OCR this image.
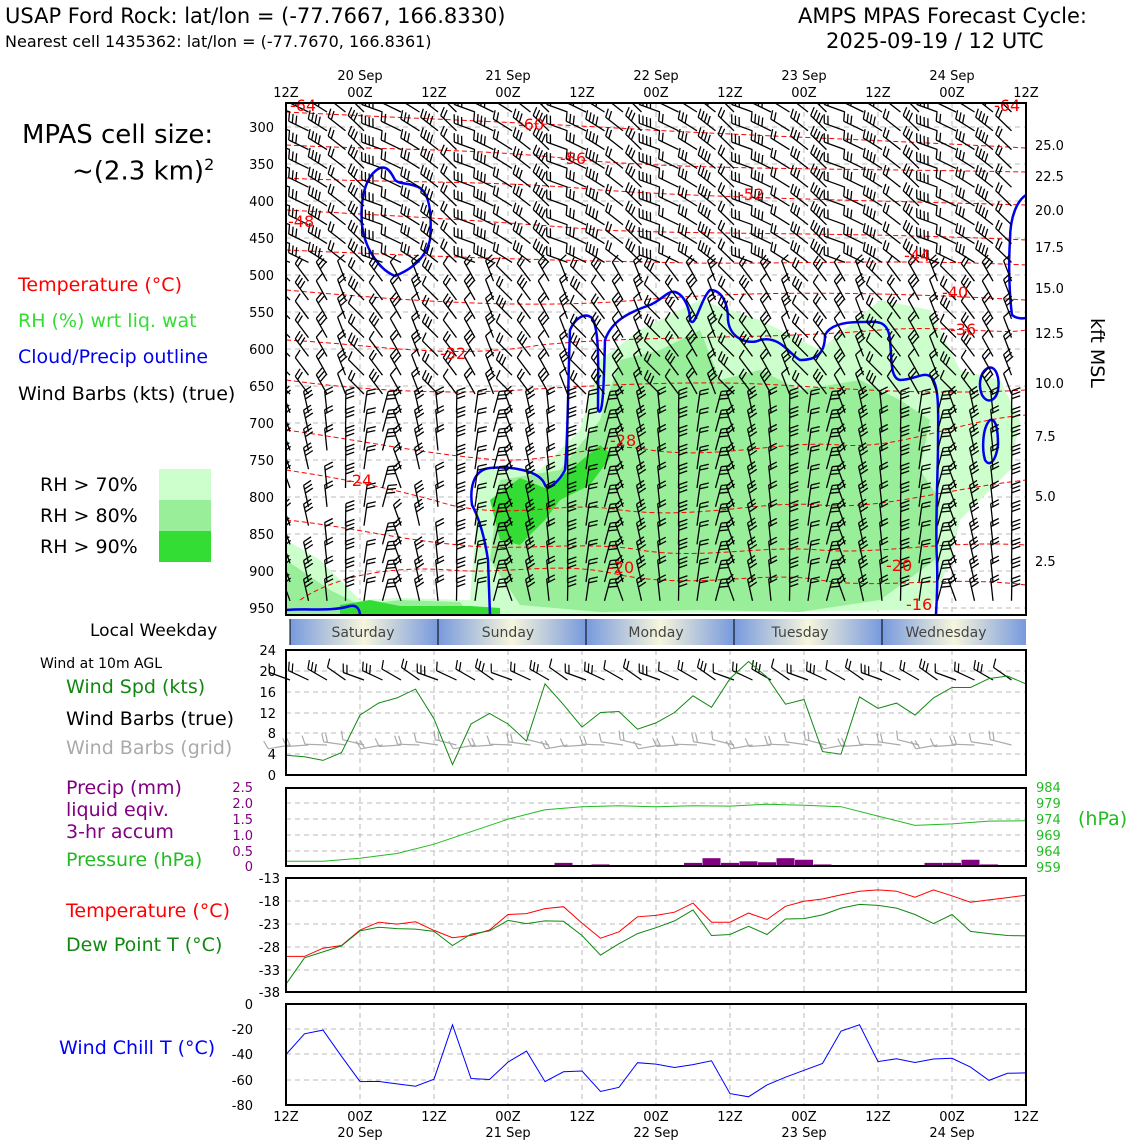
USAP Ford Rock: lat/lon = (-77.7667, 166.8330)
Nearest cell 1435362: lat/lon = (-77.7670, 166.8361)
AMPS MPAS Forecast Cycle:
2025-09-19 / 12 UTC
MPAS cell size:
~(2.3 km)$^2$
Temperature (°C)
RH (%) wrt liq. wat
Cloud/Precip outline
Wind Barbs (kts) (true)
RH > 70%
RH > 80%
RH > 90%
Local Weekday
Wind at 10m AGL
Wind Spd (kts)
Wind Barbs (true)
Wind Barbs (grid)
Precip (mm)
liquid eqiv.
3-hr accum
Pressure (hPa)
Temperature (°C)
Dew Point T (°C)
Wind Chill T (°C)
(hPa)
kft MSL
-64
-60
-56
-52
-48
-44
-40
-36
-32
-28
-24
-20	-20
-16
-64
300
350
400
450
500
550
600
650
700
750
800
850
900
950
25.0
22.5
20.0
17.5
15.0
12.5
10.0
7.5
5.0
2.5
12Z	00Z	12Z	00Z	12Z	00Z	12Z	00Z	12Z	00Z	12Z
20 Sep	21 Sep	22 Sep	23 Sep	24 Sep
Saturday	Sunday	Monday	Tuesday	Wednesday
0
4
8
12
16
20
24
0
0.5
1.0
1.5
2.0
2.5	984
979
974
969
964
959
-13
-18
-23
-28
-33
-38
0
-20
-40
-60
-80
12Z	00Z	12Z	00Z	12Z	00Z	12Z	00Z	12Z	00Z	12Z
20 Sep	21 Sep	22 Sep	23 Sep	24 Sep
